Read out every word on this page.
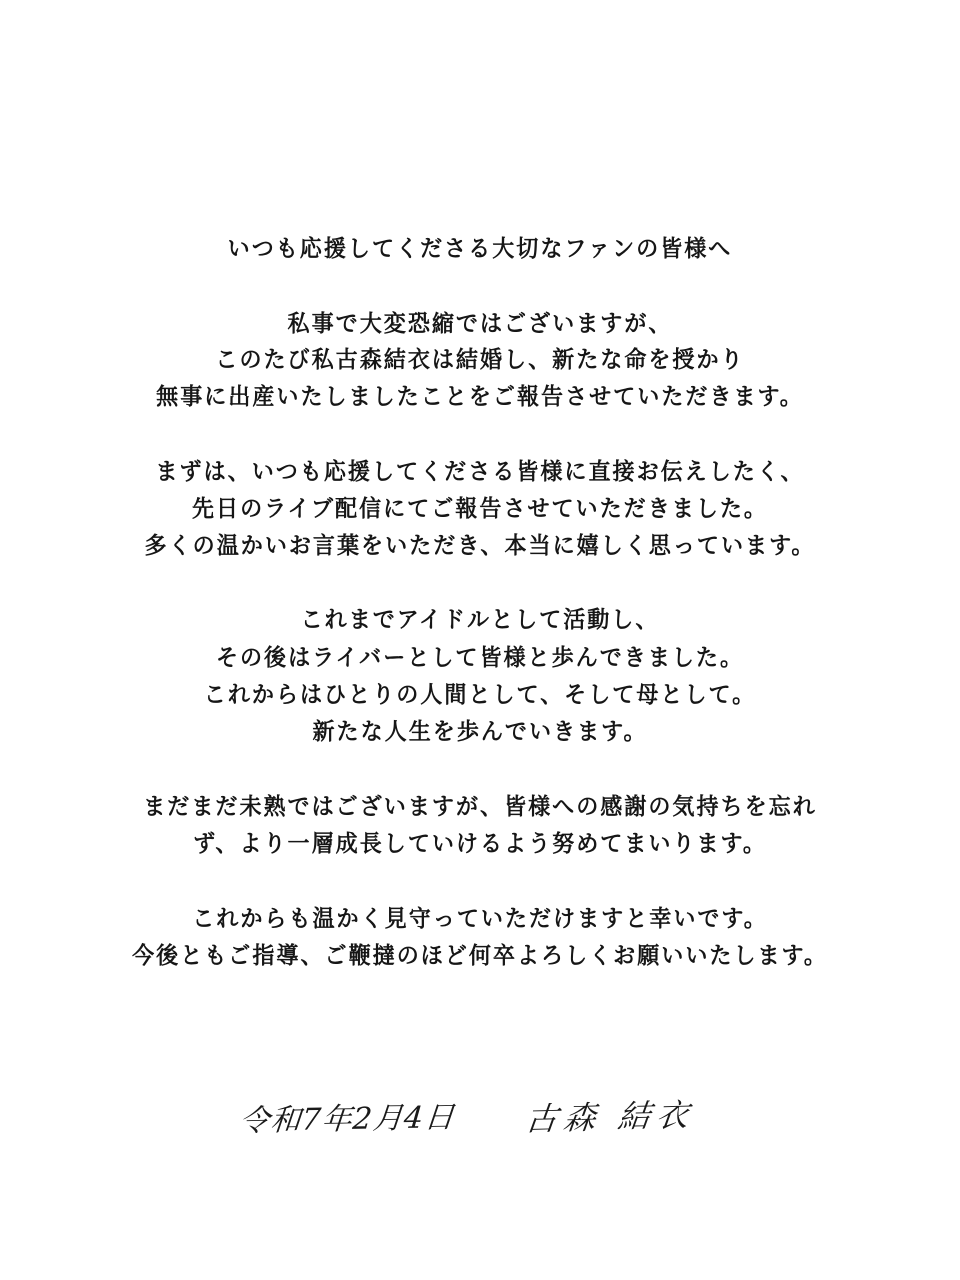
いつも応援してくださる大切なファンの皆様へ
私事で大変恐縮ではございますが、
このたび私古森結衣は結婚し、新たな命を授かり
無事に出産いたしましたことをご報告させていただきます。
まずは、いつも応援してくださる皆様に直接お伝えしたく、
先日のライブ配信にてご報告させていただきました。
多くの温かいお言葉をいただき、本当に嬉しく思っています。
これまでアイドルとして活動し、
その後はライバーとして皆様と歩んできました。
これからはひとりの人間として、そして母として。
新たな人生を歩んでいきます。
まだまだ未熟ではございますが、皆様への感謝の気持ちを忘れ
ず、より一層成長していけるよう努めてまいります。
これからも温かく見守っていただけますと幸いです。
今後ともご指導、ご鞭撻のほど何卒よろしくお願いいたします。
令和7年2月4日 古森 結衣
